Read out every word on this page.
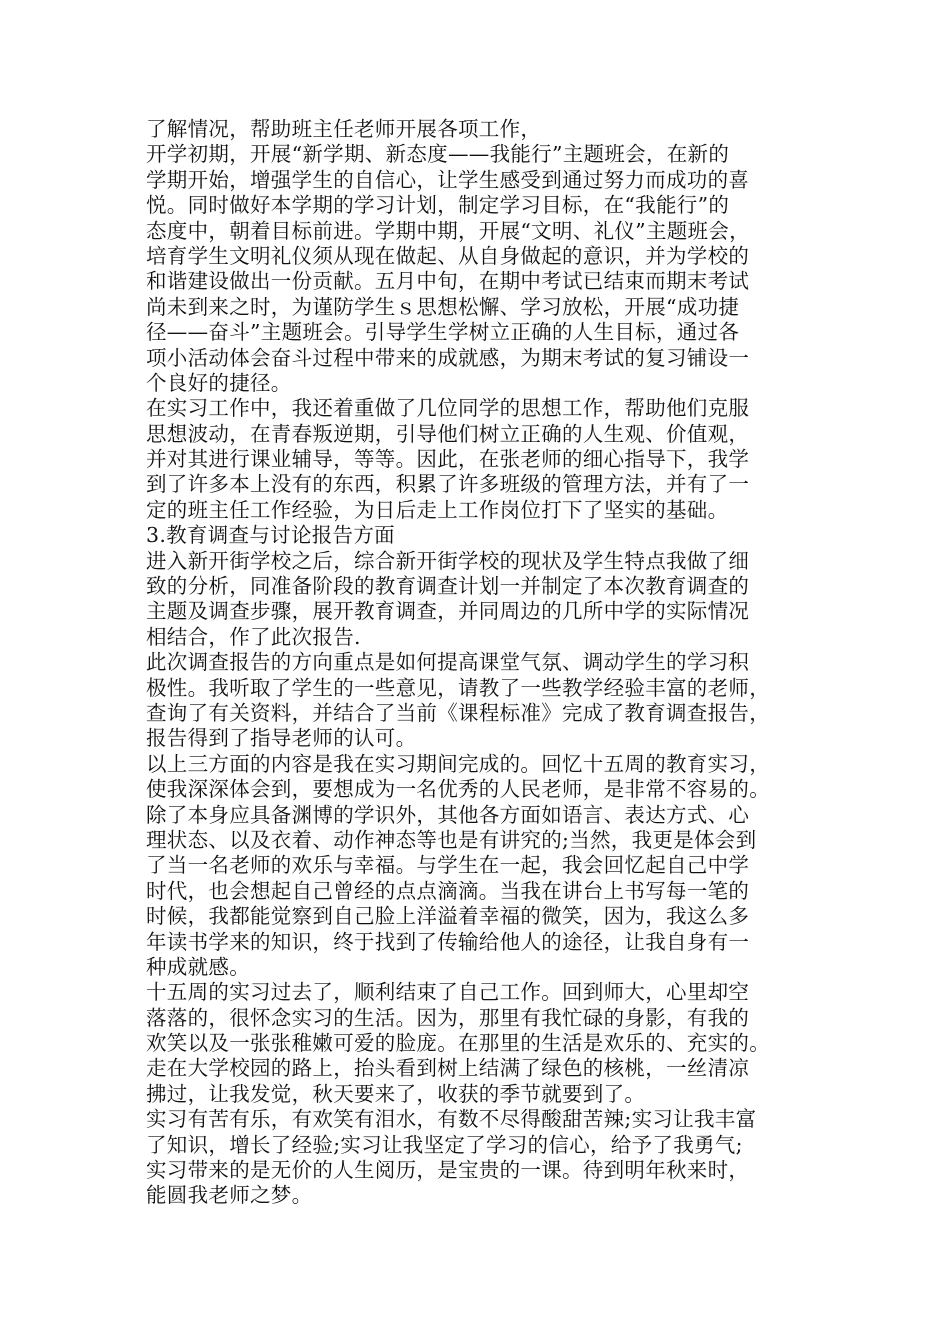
了解情况，帮助班主任老师开展各项工作，
开学初期，开展“新学期、新态度——我能行”主题班会，在新的
学期开始，增强学生的自信心，让学生感受到通过努力而成功的喜
悦。同时做好本学期的学习计划，制定学习目标，在“我能行”的
态度中，朝着目标前进。学期中期，开展“文明、礼仪”主题班会，
培育学生文明礼仪须从现在做起、从自身做起的意识，并为学校的
和谐建设做出一份贡献。五月中旬，在期中考试已结束而期末考试
尚未到来之时，为谨防学生ｓ思想松懈、学习放松，开展“成功捷
径——奋斗”主题班会。引导学生学树立正确的人生目标，通过各
项小活动体会奋斗过程中带来的成就感，为期末考试的复习铺设一
个良好的捷径。
在实习工作中，我还着重做了几位同学的思想工作，帮助他们克服
思想波动，在青春叛逆期，引导他们树立正确的人生观、价值观，
并对其进行课业辅导，等等。因此，在张老师的细心指导下，我学
到了许多本上没有的东西，积累了许多班级的管理方法，并有了一
定的班主任工作经验，为日后走上工作岗位打下了坚实的基础。
3.教育调查与讨论报告方面
进入新开街学校之后，综合新开街学校的现状及学生特点我做了细
致的分析，同准备阶段的教育调查计划一并制定了本次教育调查的
主题及调查步骤，展开教育调查，并同周边的几所中学的实际情况
相结合，作了此次报告.
此次调查报告的方向重点是如何提高课堂气氛、调动学生的学习积
极性。我听取了学生的一些意见，请教了一些教学经验丰富的老师，
查询了有关资料，并结合了当前《课程标准》完成了教育调查报告，
报告得到了指导老师的认可。
以上三方面的内容是我在实习期间完成的。回忆十五周的教育实习，
使我深深体会到，要想成为一名优秀的人民老师，是非常不容易的。
除了本身应具备渊博的学识外，其他各方面如语言、表达方式、心
理状态、以及衣着、动作神态等也是有讲究的;当然，我更是体会到
了当一名老师的欢乐与幸福。与学生在一起，我会回忆起自己中学
时代，也会想起自己曾经的点点滴滴。当我在讲台上书写每一笔的
时候，我都能觉察到自己脸上洋溢着幸福的微笑，因为，我这么多
年读书学来的知识，终于找到了传输给他人的途径，让我自身有一
种成就感。
十五周的实习过去了，顺利结束了自己工作。回到师大，心里却空
落落的，很怀念实习的生活。因为，那里有我忙碌的身影，有我的
欢笑以及一张张稚嫩可爱的脸庞。在那里的生活是欢乐的、充实的。
走在大学校园的路上，抬头看到树上结满了绿色的核桃，一丝清凉
拂过，让我发觉，秋天要来了，收获的季节就要到了。
实习有苦有乐，有欢笑有泪水，有数不尽得酸甜苦辣;实习让我丰富
了知识，增长了经验;实习让我坚定了学习的信心，给予了我勇气;
实习带来的是无价的人生阅历，是宝贵的一课。待到明年秋来时，
能圆我老师之梦。
